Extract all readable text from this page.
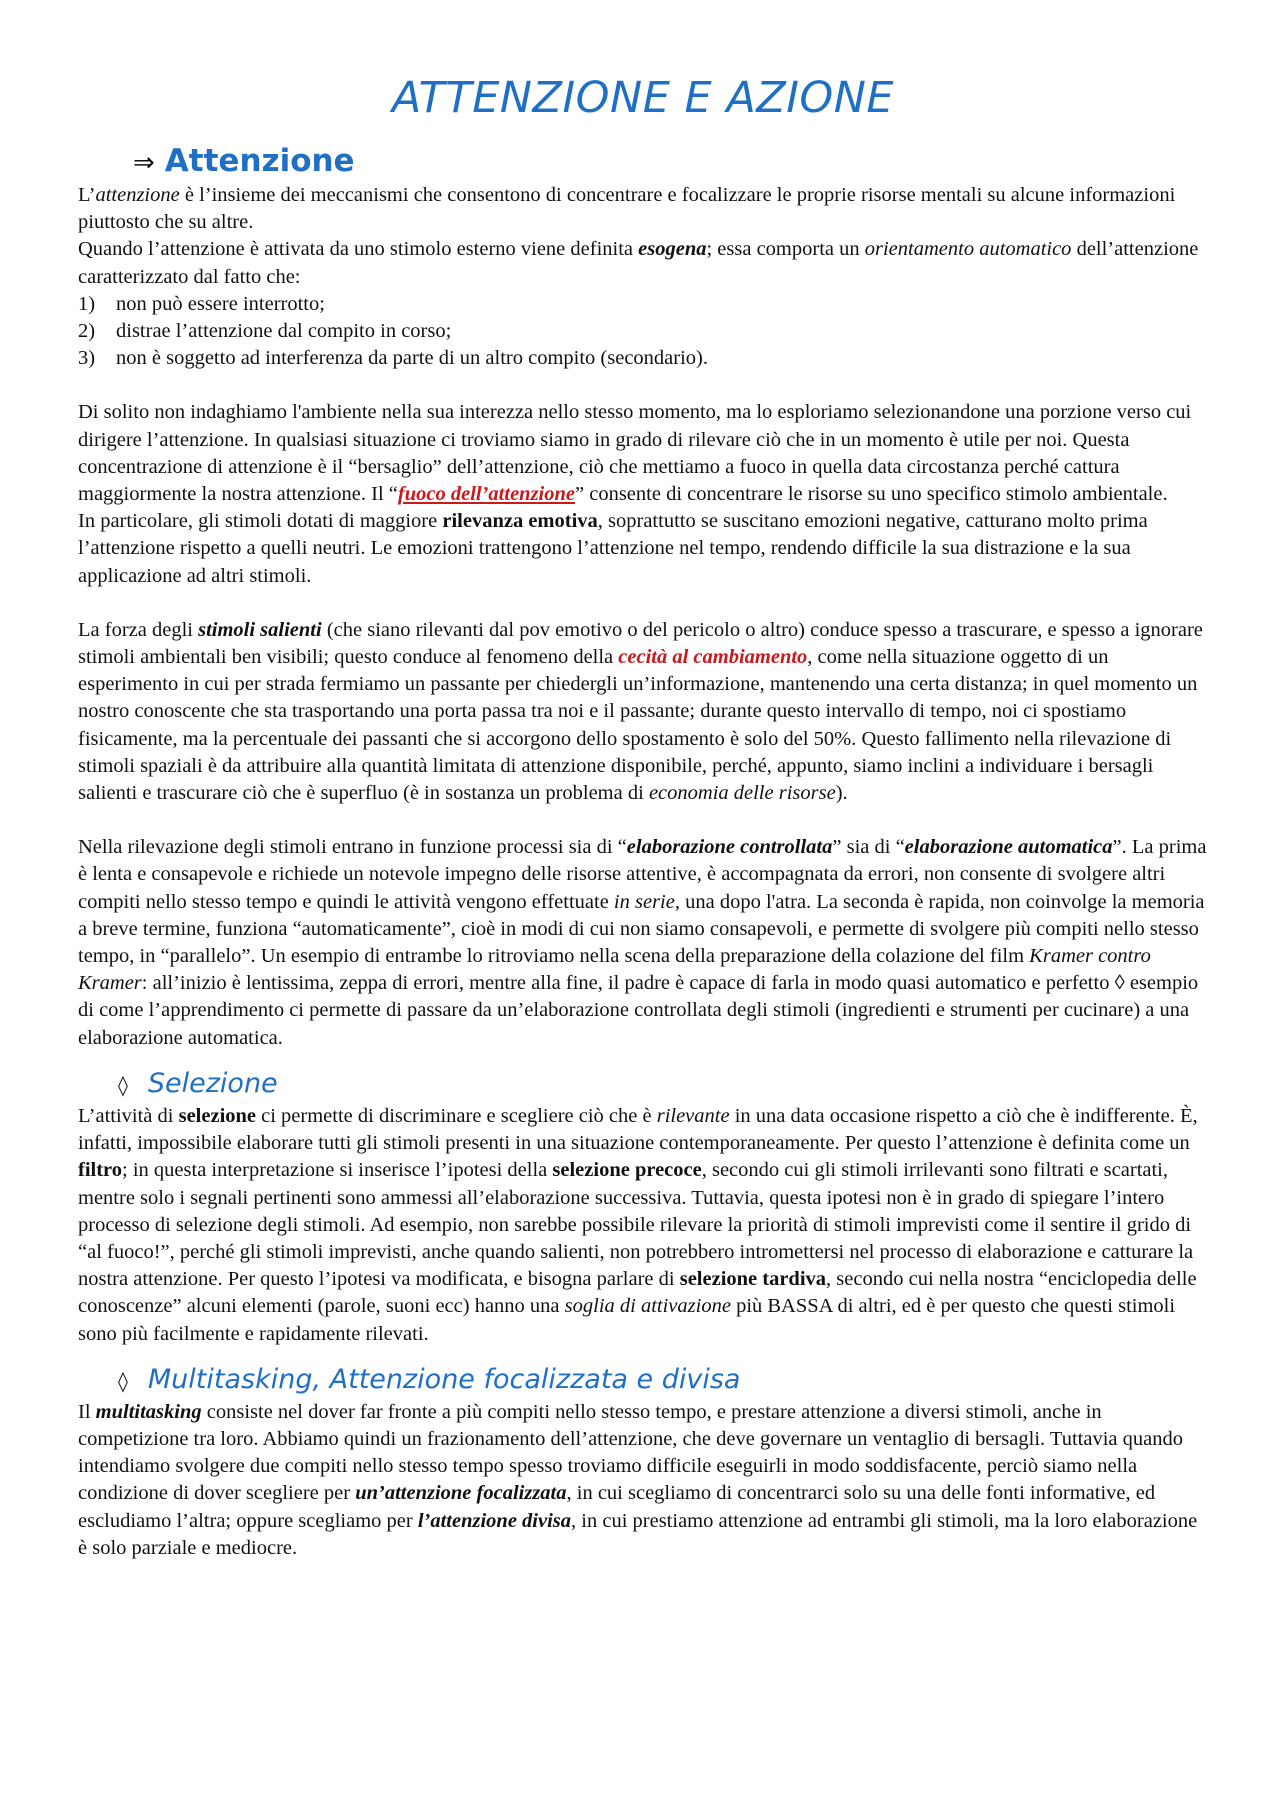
ATTENZIONE E AZIONE
⇒ Attenzione

L’attenzione è l’insieme dei meccanismi che consentono di concentrare e focalizzare le proprie risorse mentali su alcune informazioni piuttosto che su altre.

Quando l’attenzione è attivata da uno stimolo esterno viene definita esogena; essa comporta un orientamento automatico dell’attenzione caratterizzato dal fatto che:

1)	non può essere interrotto;
2)	distrae l’attenzione dal compito in corso;
3)	non è soggetto ad interferenza da parte di un altro compito (secondario).

Di solito non indaghiamo l'ambiente nella sua interezza nello stesso momento, ma lo esploriamo selezionandone una porzione verso cui dirigere l’attenzione. In qualsiasi situazione ci troviamo siamo in grado di rilevare ciò che in un momento è utile per noi. Questa concentrazione di attenzione è il “bersaglio” dell’attenzione, ciò che mettiamo a fuoco in quella data circostanza perché cattura maggiormente la nostra attenzione. Il “fuoco dell’attenzione” consente di concentrare le risorse su uno specifico stimolo ambientale.

In particolare, gli stimoli dotati di maggiore rilevanza emotiva, soprattutto se suscitano emozioni negative, catturano molto prima l’attenzione rispetto a quelli neutri. Le emozioni trattengono l’attenzione nel tempo, rendendo difficile la sua distrazione e la sua applicazione ad altri stimoli.

La forza degli stimoli salienti (che siano rilevanti dal pov emotivo o del pericolo o altro) conduce spesso a trascurare, e spesso a ignorare stimoli ambientali ben visibili; questo conduce al fenomeno della cecità al cambiamento, come nella situazione oggetto di un esperimento in cui per strada fermiamo un passante per chiedergli un’informazione, mantenendo una certa distanza; in quel momento un nostro conoscente che sta trasportando una porta passa tra noi e il passante; durante questo intervallo di tempo, noi ci spostiamo fisicamente, ma la percentuale dei passanti che si accorgono dello spostamento è solo del 50%. Questo fallimento nella rilevazione di stimoli spaziali è da attribuire alla quantità limitata di attenzione disponibile, perché, appunto, siamo inclini a individuare i bersagli salienti e trascurare ciò che è superfluo (è in sostanza un problema di economia delle risorse).

Nella rilevazione degli stimoli entrano in funzione processi sia di “elaborazione controllata” sia di “elaborazione automatica”. La prima è lenta e consapevole e richiede un notevole impegno delle risorse attentive, è accompagnata da errori, non consente di svolgere altri compiti nello stesso tempo e quindi le attività vengono effettuate in serie, una dopo l'atra. La seconda è rapida, non coinvolge la memoria a breve termine, funziona “automaticamente”, cioè in modi di cui non siamo consapevoli, e permette di svolgere più compiti nello stesso tempo, in “parallelo”. Un esempio di entrambe lo ritroviamo nella scena della preparazione della colazione del film Kramer contro Kramer: all’inizio è lentissima, zeppa di errori, mentre alla fine, il padre è capace di farla in modo quasi automatico e perfetto ◊ esempio di come l’apprendimento ci permette di passare da un’elaborazione controllata degli stimoli (ingredienti e strumenti per cucinare) a una elaborazione automatica.

◊ Selezione

L’attività di selezione ci permette di discriminare e scegliere ciò che è rilevante in una data occasione rispetto a ciò che è indifferente. È, infatti, impossibile elaborare tutti gli stimoli presenti in una situazione contemporaneamente. Per questo l’attenzione è definita come un filtro; in questa interpretazione si inserisce l’ipotesi della selezione precoce, secondo cui gli stimoli irrilevanti sono filtrati e scartati, mentre solo i segnali pertinenti sono ammessi all’elaborazione successiva. Tuttavia, questa ipotesi non è in grado di spiegare l’intero processo di selezione degli stimoli. Ad esempio, non sarebbe possibile rilevare la priorità di stimoli imprevisti come il sentire il grido di “al fuoco!”, perché gli stimoli imprevisti, anche quando salienti, non potrebbero intromettersi nel processo di elaborazione e catturare la nostra attenzione. Per questo l’ipotesi va modificata, e bisogna parlare di selezione tardiva, secondo cui nella nostra “enciclopedia delle conoscenze” alcuni elementi (parole, suoni ecc) hanno una soglia di attivazione più BASSA di altri, ed è per questo che questi stimoli sono più facilmente e rapidamente rilevati.

◊ Multitasking, Attenzione focalizzata e divisa

Il multitasking consiste nel dover far fronte a più compiti nello stesso tempo, e prestare attenzione a diversi stimoli, anche in competizione tra loro. Abbiamo quindi un frazionamento dell’attenzione, che deve governare un ventaglio di bersagli. Tuttavia quando intendiamo svolgere due compiti nello stesso tempo spesso troviamo difficile eseguirli in modo soddisfacente, perciò siamo nella condizione di dover scegliere per un’attenzione focalizzata, in cui scegliamo di concentrarci solo su una delle fonti informative, ed escludiamo l’altra; oppure scegliamo per l’attenzione divisa, in cui prestiamo attenzione ad entrambi gli stimoli, ma la loro elaborazione è solo parziale e mediocre.
